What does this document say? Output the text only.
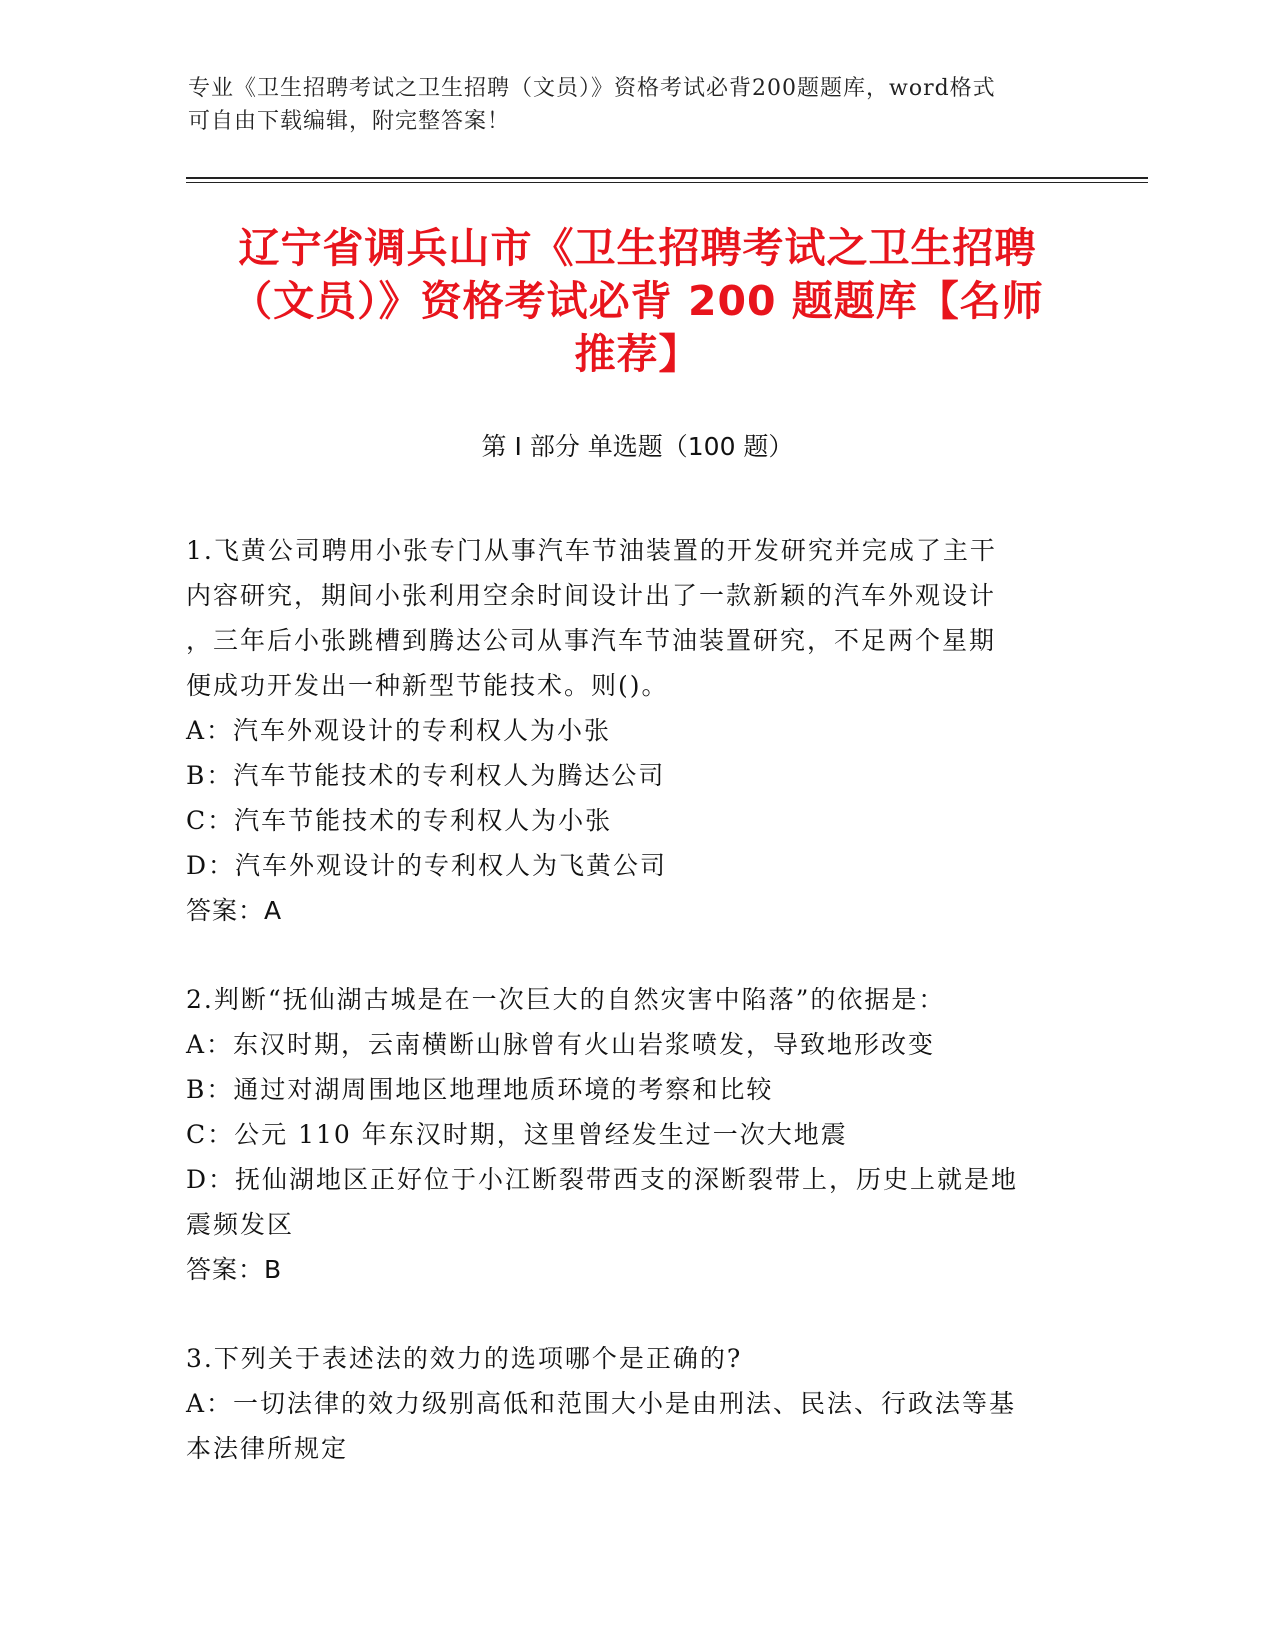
专业《卫生招聘考试之卫生招聘（文员）》资格考试必背200题题库，word格式
可自由下载编辑，附完整答案！
辽宁省调兵山市《卫生招聘考试之卫生招聘
（文员）》资格考试必背 200 题题库【名师
推荐】
第 I 部分 单选题（100 题）
1.飞黄公司聘用小张专门从事汽车节油装置的开发研究并完成了主干
内容研究，期间小张利用空余时间设计出了一款新颖的汽车外观设计
，三年后小张跳槽到腾达公司从事汽车节油装置研究，不足两个星期
便成功开发出一种新型节能技术。则()。
A：汽车外观设计的专利权人为小张
B：汽车节能技术的专利权人为腾达公司
C：汽车节能技术的专利权人为小张
D：汽车外观设计的专利权人为飞黄公司
答案：A
2.判断“抚仙湖古城是在一次巨大的自然灾害中陷落”的依据是：
A：东汉时期，云南横断山脉曾有火山岩浆喷发，导致地形改变
B：通过对湖周围地区地理地质环境的考察和比较
C：公元 110 年东汉时期，这里曾经发生过一次大地震
D：抚仙湖地区正好位于小江断裂带西支的深断裂带上，历史上就是地
震频发区
答案：B
3.下列关于表述法的效力的选项哪个是正确的?
A：一切法律的效力级别高低和范围大小是由刑法、民法、行政法等基
本法律所规定
